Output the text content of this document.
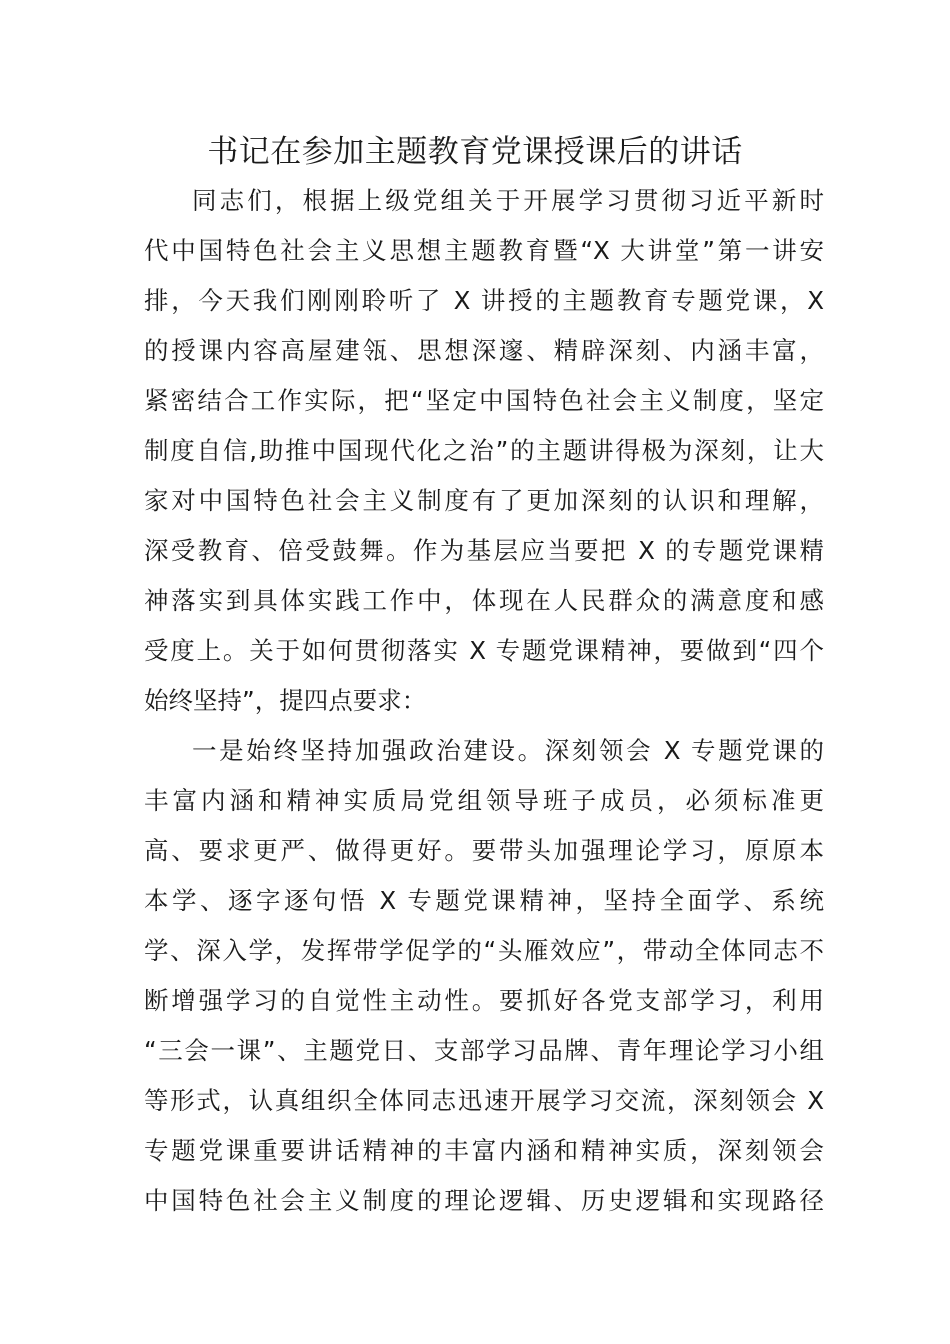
书记在参加主题教育党课授课后的讲话
同志们，根据上级党组关于开展学习贯彻习近平新时
代中国特色社会主义思想主题教育暨“X 大讲堂”第一讲安
排，今天我们刚刚聆听了 X 讲授的主题教育专题党课，X
的授课内容高屋建瓴、思想深邃、精辟深刻、内涵丰富，
紧密结合工作实际，把“坚定中国特色社会主义制度，坚定
制度自信,助推中国现代化之治”的主题讲得极为深刻，让大
家对中国特色社会主义制度有了更加深刻的认识和理解，
深受教育、倍受鼓舞。作为基层应当要把 X 的专题党课精
神落实到具体实践工作中，体现在人民群众的满意度和感
受度上。关于如何贯彻落实 X 专题党课精神，要做到“四个
始终坚持”，提四点要求：
一是始终坚持加强政治建设。深刻领会 X 专题党课的
丰富内涵和精神实质局党组领导班子成员，必须标准更
高、要求更严、做得更好。要带头加强理论学习，原原本
本学、逐字逐句悟 X 专题党课精神，坚持全面学、系统
学、深入学，发挥带学促学的“头雁效应”，带动全体同志不
断增强学习的自觉性主动性。要抓好各党支部学习，利用
“三会一课”、主题党日、支部学习品牌、青年理论学习小组
等形式，认真组织全体同志迅速开展学习交流，深刻领会 X
专题党课重要讲话精神的丰富内涵和精神实质，深刻领会
中国特色社会主义制度的理论逻辑、历史逻辑和实现路径
